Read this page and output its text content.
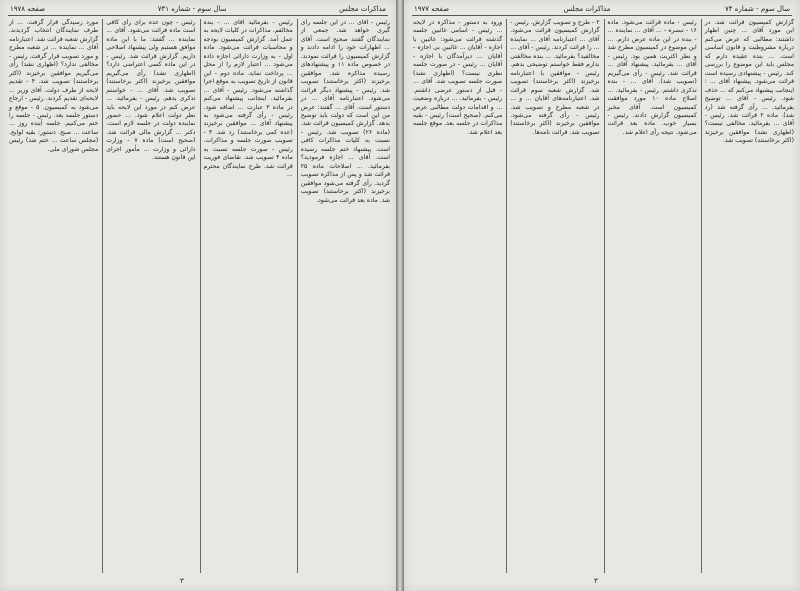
مذاکرات مجلس
سال سوم - شماره ۷۴۱
صفحه ۱۹۷۸
رئیس - آقای ... در این جلسه رأی گیری خواهد شد. جمعی از نمایندگان گفتند صحیح است. آقای ... اظهارات خود را ادامه دادند و گزارش کمیسیون را قرائت نمودند. در خصوص ماده ۱۱ و پیشنهادهای رسیده مذاکره شد. موافقین برخیزند (اکثر برخاستند) تصویب شد. رئیس - پیشنهاد دیگر قرائت می‌شود. اعتبارنامه آقای ... در دستور است. آقای ... گفتند: عرض من این است که دولت باید توضیح بدهد. گزارش کمیسیون قرائت شد. (ماده ۲۶) تصویب شد. رئیس - نسبت به کلیات مذاکرات کافی است. پیشنهاد ختم جلسه رسیده است. آقای ... اجازه فرمودید؟ بفرمائید. ... اصلاحات ماده ۲۵ قرائت شد و پس از مذاکره تصویب گردید. رأی گرفته می‌شود موافقین برخیزند (اکثر برخاستند) تصویب شد. ماده بعد قرائت می‌شود.
رئیس - بفرمائید آقای ... - بنده مخالفم. مذاکرات در کلیات لایحه به عمل آمد. گزارش کمیسیون بودجه و محاسبات قرائت می‌شود. ماده اول - به وزارت دارائی اجازه داده می‌شود ... اعتبار لازم را از محل ... پرداخت نماید. ماده دوم - این قانون از تاریخ تصویب به موقع اجرا گذاشته می‌شود. رئیس - آقای ... بفرمائید. اینجانب پیشنهاد می‌کنم در ماده ۳ عبارت ... اضافه شود. رئیس - رأی گرفته می‌شود به پیشنهاد آقای ... موافقین برخیزند (عده کمی برخاستند) رد شد. ۳ - تصویب صورت جلسه و مذاکرات. رئیس - صورت جلسه نسبت به ماده ۴ تصویب شد. تقاضای فوریت قرائت شد. طرح نمایندگان محترم ...
رئیس - چون عده برای رأی کافی است ماده قرائت می‌شود. آقای ... نماینده ... گفتند: ما با این ماده موافق هستیم ولی پیشنهاد اصلاحی داریم. گزارش قرائت شد. رئیس - در این ماده کسی اعتراضی دارد؟ (اظهاری نشد) رأی می‌گیریم موافقین برخیزند (اکثر برخاستند) تصویب شد. آقای ... - خواستم تذکری بدهم. رئیس - بفرمائید. ... عرض کنم در مورد این لایحه باید نظر دولت اعلام شود. ... حضور نماینده دولت در جلسه لازم است. دکتر ... گزارش مالی قرائت شد. (صحیح است) ماده ۷ - وزارت دارائی و وزارت ... مأمور اجرای این قانون هستند.
مورد رسیدگی قرار گرفت. ... از طرف نمایندگان انتخاب گردیدند. گزارش شعبه قرائت شد. اعتبارنامه آقای ... نماینده ... در شعبه مطرح و مورد تصویب قرار گرفت. رئیس - مخالفی ندارد؟ (اظهاری نشد) رأی می‌گیریم موافقین برخیزند (اکثر برخاستند) تصویب شد. ۴ - تقدیم لایحه از طرف دولت. آقای وزیر ... لایحه‌ای تقدیم کردند. رئیس - ارجاع می‌شود به کمیسیون. ۵ - موقع و دستور جلسه بعد. رئیس - جلسه را ختم می‌کنیم. جلسه آینده روز ... ساعت ... صبح. دستور: بقیه لوایح. (مجلس ساعت ... ختم شد) رئیس مجلس شورای ملی.
۳
سال سوم - شماره ۷۴
مذاکرات مجلس
صفحه ۱۹۷۷
گزارش کمیسیون قرائت شد. در این مورد آقای ... چنین اظهار داشتند: مطالبی که عرض می‌کنم درباره مشروطیت و قانون اساسی است. ... بنده عقیده دارم که مجلس باید این موضوع را بررسی کند. رئیس - پیشنهادی رسیده است قرائت می‌شود. پیشنهاد آقای ... : اینجانب پیشنهاد می‌کنم که ... حذف شود. رئیس - آقای ... توضیح بفرمائید. ... رأی گرفته شد (رد شد). ماده ۲ قرائت شد. رئیس - آقای ... بفرمائید. مخالفی نیست؟ (اظهاری نشد) موافقین برخیزند (اکثر برخاستند) تصویب شد.
رئیس - ماده قرائت می‌شود. ماده ۱۶ - تبصره - ... آقای ... نماینده ... - بنده در این ماده عرض دارم. ... این موضوع در کمیسیون مطرح شد و نظر اکثریت همین بود. رئیس - آقای ... بفرمائید. پیشنهاد آقای ... قرائت شد. رئیس - رأی می‌گیریم (تصویب شد). آقای ... - بنده تذکری داشتم. رئیس - بفرمائید. ... اصلاح ماده ۱۰ مورد موافقت کمیسیون است. آقای مخبر کمیسیون گزارش دادند. رئیس - بسیار خوب. ماده بعد قرائت می‌شود. نتیجه رأی اعلام شد.
۲ - طرح و تصویب گزارش. رئیس - گزارش کمیسیون قرائت می‌شود. آقای ... اعتبارنامه آقای ... نماینده ... را قرائت کردند. رئیس - آقای ... مخالفید؟ بفرمائید. ... بنده مخالفتی ندارم فقط خواستم توضیحی بدهم. رئیس - موافقین با اعتبارنامه برخیزند (اکثر برخاستند) تصویب شد. گزارش شعبه سوم قرائت شد. اعتبارنامه‌های آقایان ... و ... در شعبه مطرح و تصویب شد. رئیس - رأی گرفته می‌شود. موافقین برخیزند (اکثر برخاستند) تصویب شد. قرائت نامه‌ها.
ورود به دستور - مذاکره در لایحه ... رئیس - اسامی غائبین جلسه گذشته قرائت می‌شود: غائبین با اجازه - آقایان ... غائبین بی اجازه - آقایان ... دیرآمدگان با اجازه - آقایان ... رئیس - در صورت جلسه نظری نیست؟ (اظهاری نشد) صورت جلسه تصویب شد. آقای ... - قبل از دستور عرضی داشتم. رئیس - بفرمائید. ... درباره وضعیت ... و اقدامات دولت مطالبی عرض می‌کنم. (صحیح است) رئیس - بقیه مذاکرات در جلسه بعد. موقع جلسه بعد اعلام شد.
۳
